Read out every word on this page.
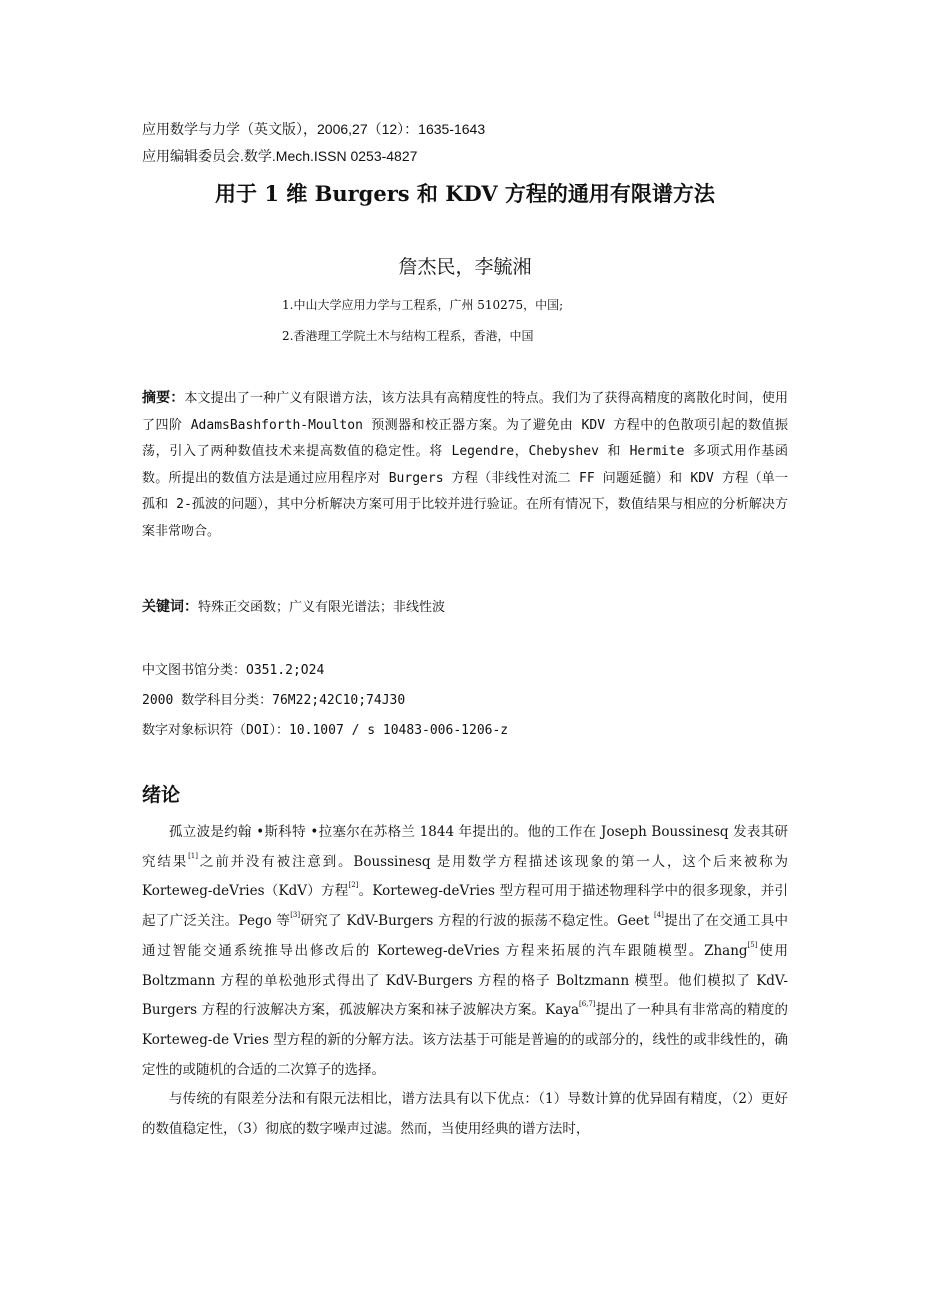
应用数学与力学（英文版），2006,27（12）：1635-1643
应用编辑委员会.数学.Mech.ISSN 0253-4827
用于 1 维 Burgers 和 KDV 方程的通用有限谱方法
詹杰民，李毓湘
1.中山大学应用力学与工程系，广州 510275，中国;
2.香港理工学院土木与结构工程系，香港，中国
摘要：本文提出了一种广义有限谱方法，该方法具有高精度性的特点。我们为了获得高精度的离散化时间，使用了四阶 AdamsBashforth-Moulton 预测器和校正器方案。为了避免由 KDV 方程中的色散项引起的数值振荡，引入了两种数值技术来提高数值的稳定性。将 Legendre，Chebyshev 和 Hermite 多项式用作基函数。所提出的数值方法是通过应用程序对 Burgers 方程（非线性对流二 FF 问题延髓）和 KDV 方程（单一孤和 2-孤波的问题），其中分析解决方案可用于比较并进行验证。在所有情况下，数值结果与相应的分析解决方案非常吻合。
关键词：特殊正交函数；广义有限光谱法；非线性波
中文图书馆分类：O351.2;O24
2000 数学科目分类：76M22;42C10;74J30
数字对象标识符（DOI）：10.1007 / s 10483-006-1206-z
绪论

孤立波是约翰 •斯科特 •拉塞尔在苏格兰 1844 年提出的。他的工作在 Joseph Boussinesq 发表其研究结果[1]之前并没有被注意到。Boussinesq 是用数学方程描述该现象的第一人，这个后来被称为 Korteweg-deVries（KdV）方程[2]。Korteweg-deVries 型方程可用于描述物理科学中的很多现象，并引起了广泛关注。Pego 等[3]研究了 KdV-Burgers 方程的行波的振荡不稳定性。Geet [4]提出了在交通工具中通过智能交通系统推导出修改后的 Korteweg-deVries 方程来拓展的汽车跟随模型。Zhang[5]使用 Boltzmann 方程的单松弛形式得出了 KdV-Burgers 方程的格子 Boltzmann 模型。他们模拟了 KdV-Burgers 方程的行波解决方案，孤波解决方案和袜子波解决方案。Kaya[6,7]提出了一种具有非常高的精度的 Korteweg-de Vries 型方程的新的分解方法。该方法基于可能是普遍的的或部分的，线性的或非线性的，确定性的或随机的合适的二次算子的选择。

与传统的有限差分法和有限元法相比，谱方法具有以下优点：（1）导数计算的优异固有精度，（2）更好的数值稳定性，（3）彻底的数字噪声过滤。然而，当使用经典的谱方法时，
